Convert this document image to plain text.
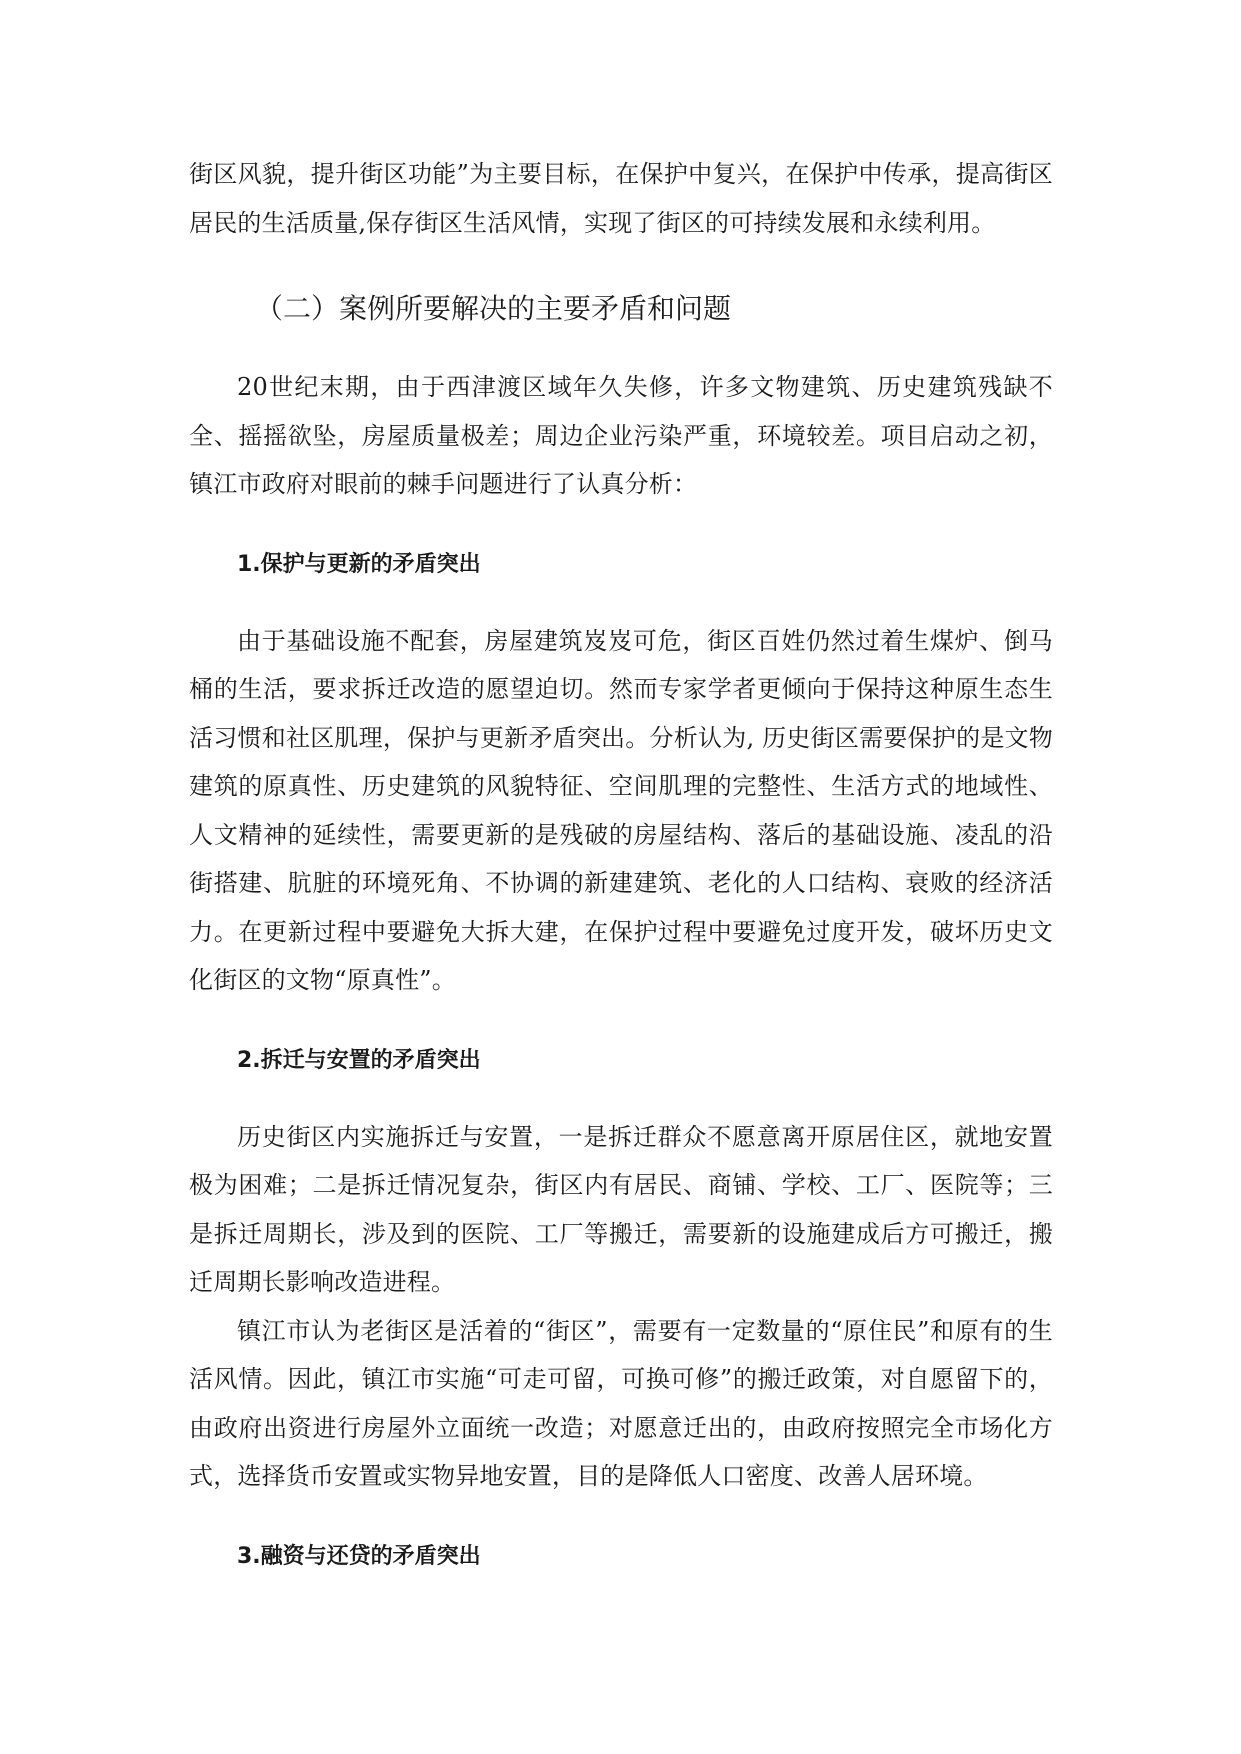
街区风貌，提升街区功能”为主要目标，在保护中复兴，在保护中传承，提高街区居民的生活质量,保存街区生活风情，实现了街区的可持续发展和永续利用。

（二）案例所要解决的主要矛盾和问题

20世纪末期，由于西津渡区域年久失修，许多文物建筑、历史建筑残缺不全、摇摇欲坠，房屋质量极差；周边企业污染严重，环境较差。项目启动之初，镇江市政府对眼前的棘手问题进行了认真分析：

1.保护与更新的矛盾突出

由于基础设施不配套，房屋建筑岌岌可危，街区百姓仍然过着生煤炉、倒马桶的生活，要求拆迁改造的愿望迫切。然而专家学者更倾向于保持这种原生态生活习惯和社区肌理，保护与更新矛盾突出。分析认为, 历史街区需要保护的是文物建筑的原真性、历史建筑的风貌特征、空间肌理的完整性、生活方式的地域性、人文精神的延续性，需要更新的是残破的房屋结构、落后的基础设施、凌乱的沿街搭建、肮脏的环境死角、不协调的新建建筑、老化的人口结构、衰败的经济活力。在更新过程中要避免大拆大建，在保护过程中要避免过度开发，破坏历史文化街区的文物“原真性”。

2.拆迁与安置的矛盾突出

历史街区内实施拆迁与安置，一是拆迁群众不愿意离开原居住区，就地安置极为困难；二是拆迁情况复杂，街区内有居民、商铺、学校、工厂、医院等；三是拆迁周期长，涉及到的医院、工厂等搬迁，需要新的设施建成后方可搬迁，搬迁周期长影响改造进程。

镇江市认为老街区是活着的“街区”，需要有一定数量的“原住民”和原有的生活风情。因此，镇江市实施“可走可留，可换可修”的搬迁政策，对自愿留下的，由政府出资进行房屋外立面统一改造；对愿意迁出的，由政府按照完全市场化方式，选择货币安置或实物异地安置，目的是降低人口密度、改善人居环境。

3.融资与还贷的矛盾突出
